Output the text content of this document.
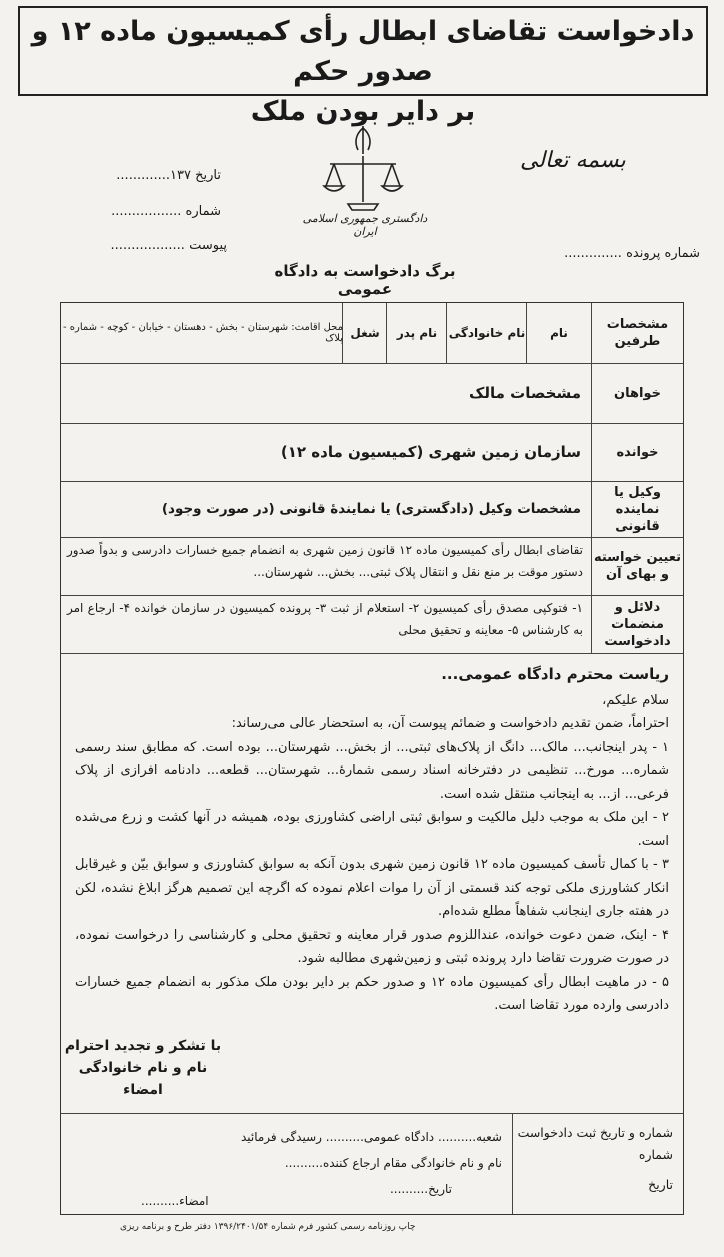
دادخواست تقاضای ابطال رأی کمیسیون ماده ۱۲ و صدور حکم
بر دایر بودن ملک
دادگستری جمهوری اسلامی ایران
بسمه تعالی
تاریخ ۱۳۷.............
شماره .................
پیوست ..................
شماره پرونده ..............
برگ دادخواست به دادگاه عمومی
مشخصات طرفین
نام
نام خانوادگی
نام پدر
شغل
محل اقامت: شهرستان - بخش - دهستان - خیابان - کوچه - شماره - پلاک
خواهان
مشخصات مالک
خوانده
سازمان زمین شهری (کمیسیون ماده ۱۲)
وکیل یا نماینده قانونی
مشخصات وکیل (دادگستری) یا نمایندهٔ قانونی (در صورت وجود)
تعیین خواسته و بهای آن
تقاضای ابطال رأی کمیسیون ماده ۱۲ قانون زمین شهری به انضمام جمیع خسارات دادرسی و بدواً صدور دستور موقت بر منع نقل و انتقال پلاک ثبتی... بخش... شهرستان...
دلائل و منضمات دادخواست
۱- فتوکپی مصدق رأی کمیسیون ۲- استعلام از ثبت ۳- پرونده کمیسیون در سازمان خوانده ۴- ارجاع امر به کارشناس ۵- معاینه و تحقیق محلی

ریاست محترم دادگاه عمومی...

سلام علیکم،

احتراماً، ضمن تقدیم دادخواست و ضمائم پیوست آن، به استحضار عالی می‌رساند:

۱ - پدر اینجانب... مالک... دانگ از پلاک‌های ثبتی... از بخش... شهرستان... بوده است. که مطابق سند رسمی شماره... مورخ... تنظیمی در دفترخانه اسناد رسمی شمارهٔ... شهرستان... قطعه... دادنامه افرازی از پلاک فرعی... از... به اینجانب منتقل شده است.

۲ - این ملک به موجب دلیل مالکیت و سوابق ثبتی اراضی کشاورزی بوده، همیشه در آنها کشت و زرع می‌شده است.

۳ - با کمال تأسف کمیسیون ماده ۱۲ قانون زمین شهری بدون آنکه به سوابق کشاورزی و سوابق بیّن و غیرقابل انکار کشاورزی ملکی توجه کند قسمتی از آن را موات اعلام نموده که اگرچه این تصمیم هرگز ابلاغ نشده، لکن در هفته جاری اینجانب شفاهاً مطلع شده‌ام.

۴ - اینک، ضمن دعوت خوانده، عنداللزوم صدور قرار معاینه و تحقیق محلی و کارشناسی را درخواست نموده، در صورت ضرورت تقاضا دارد پرونده ثبتی و زمین‌شهری مطالبه شود.

۵ - در ماهیت ابطال رأی کمیسیون ماده ۱۲ و صدور حکم بر دایر بودن ملک مذکور به انضمام جمیع خسارات دادرسی وارده مورد تقاضا است.

با تشکر و تجدید احترام
نام و نام خانوادگی
امضاء
شماره و تاریخ ثبت دادخواست
شماره
تاریخ
شعبه.......... دادگاه عمومی.......... رسیدگی فرمائید
نام و نام خانوادگی مقام ارجاع کننده..........
تاریخ..........
امضاء..........
چاپ روزنامه رسمی کشور فرم شماره ۱۳۹۶/۲۴۰۱/۵۴ دفتر طرح و برنامه ریزی
